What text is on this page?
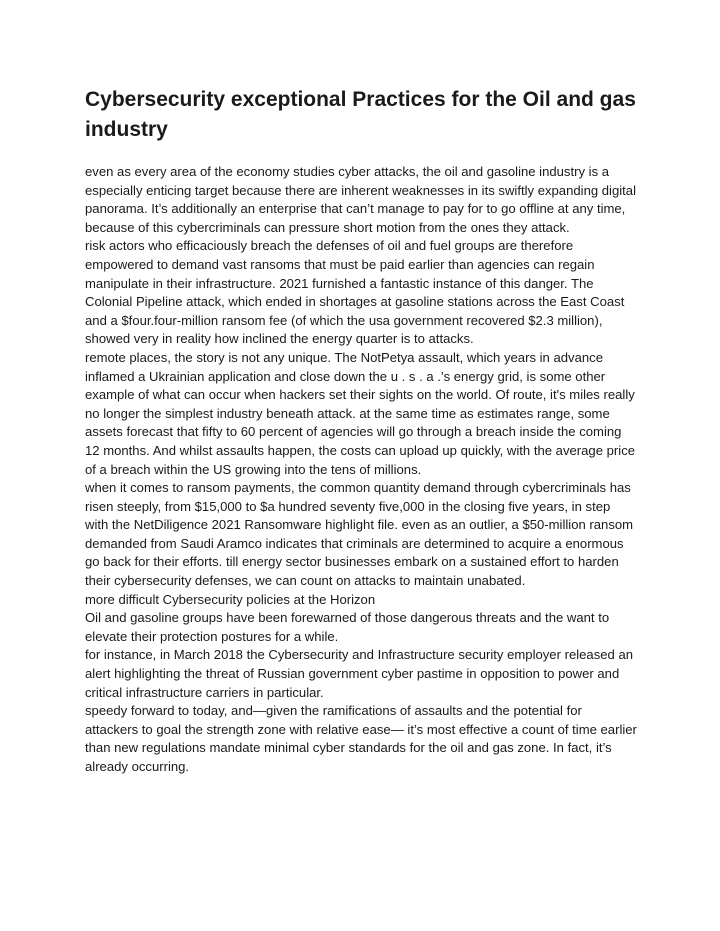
Cybersecurity exceptional Practices for the Oil and gas industry

even as every area of the economy studies cyber attacks, the oil and gasoline industry is a especially enticing target because there are inherent weaknesses in its swiftly expanding digital panorama. It’s additionally an enterprise that can’t manage to pay for to go offline at any time, because of this cybercriminals can pressure short motion from the ones they attack.

risk actors who efficaciously breach the defenses of oil and fuel groups are therefore empowered to demand vast ransoms that must be paid earlier than agencies can regain manipulate in their infrastructure. 2021 furnished a fantastic instance of this danger. The Colonial Pipeline attack, which ended in shortages at gasoline stations across the East Coast and a $four.four-million ransom fee (of which the usa government recovered $2.3 million), showed very in reality how inclined the energy quarter is to attacks.

remote places, the story is not any unique. The NotPetya assault, which years in advance inflamed a Ukrainian application and close down the u . s . a .’s energy grid, is some other example of what can occur when hackers set their sights on the world. Of route, it's miles really no longer the simplest industry beneath attack. at the same time as estimates range, some assets forecast that fifty to 60 percent of agencies will go through a breach inside the coming 12 months. And whilst assaults happen, the costs can upload up quickly, with the average price of a breach within the US growing into the tens of millions.

when it comes to ransom payments, the common quantity demand through cybercriminals has risen steeply, from $15,000 to $a hundred seventy five,000 in the closing five years, in step with the NetDiligence 2021 Ransomware highlight file. even as an outlier, a $50-million ransom demanded from Saudi Aramco indicates that criminals are determined to acquire a enormous go back for their efforts. till energy sector businesses embark on a sustained effort to harden their cybersecurity defenses, we can count on attacks to maintain unabated.

more difficult Cybersecurity policies at the Horizon

Oil and gasoline groups have been forewarned of those dangerous threats and the want to elevate their protection postures for a while.

for instance, in March 2018 the Cybersecurity and Infrastructure security employer released an alert highlighting the threat of Russian government cyber pastime in opposition to power and critical infrastructure carriers in particular.

speedy forward to today, and—given the ramifications of assaults and the potential for attackers to goal the strength zone with relative ease— it’s most effective a count of time earlier than new regulations mandate minimal cyber standards for the oil and gas zone. In fact, it’s already occurring.
